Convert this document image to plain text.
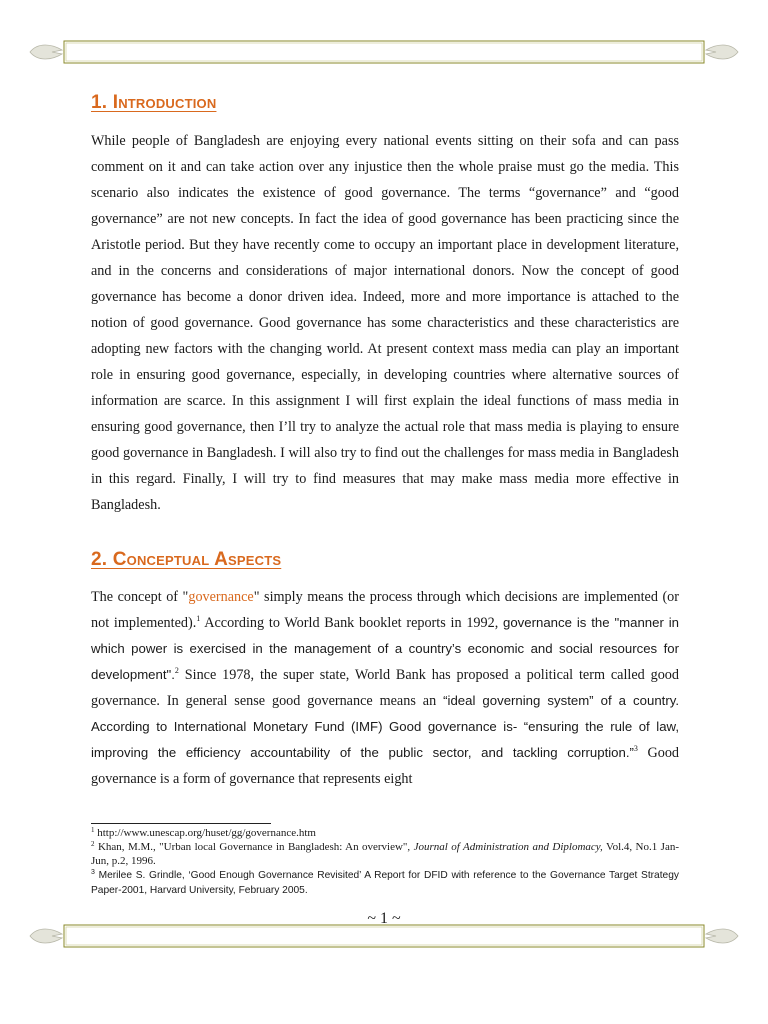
1. Introduction

While people of Bangladesh are enjoying every national events sitting on their sofa and can pass comment on it and can take action over any injustice then the whole praise must go the media. This scenario also indicates the existence of good governance. The terms “governance” and “good governance” are not new concepts. In fact the idea of good governance has been practicing since the Aristotle period. But they have recently come to occupy an important place in development literature, and in the concerns and considerations of major international donors. Now the concept of good governance has become a donor driven idea. Indeed, more and more importance is attached to the notion of good governance. Good governance has some characteristics and these characteristics are adopting new factors with the changing world. At present context mass media can play an important role in ensuring good governance, especially, in developing countries where alternative sources of information are scarce. In this assignment I will first explain the ideal functions of mass media in ensuring good governance, then I’ll try to analyze the actual role that mass media is playing to ensure good governance in Bangladesh. I will also try to find out the challenges for mass media in Bangladesh in this regard. Finally, I will try to find measures that may make mass media more effective in Bangladesh.

2. Conceptual Aspects

The concept of "governance" simply means the process through which decisions are implemented (or not implemented).$^1$ According to World Bank booklet reports in 1992, governance is the "manner in which power is exercised in the management of a country’s economic and social resources for development".$^2$ Since 1978, the super state, World Bank has proposed a political term called good governance. In general sense good governance means an “ideal governing system” of a country. According to International Monetary Fund (IMF) Good governance is- “ensuring the rule of law, improving the efficiency accountability of the public sector, and tackling corruption.”$^3$ Good governance is a form of governance that represents eight

$^1$ http://www.unescap.org/huset/gg/governance.htm

$^2$ Khan, M.M., "Urban local Governance in Bangladesh: An overview", Journal of Administration and Diplomacy, Vol.4, No.1 Jan-Jun, p.2, 1996.

$^3$ Merilee S. Grindle, ‘Good Enough Governance Revisited’ A Report for DFID with reference to the Governance Target Strategy Paper-2001, Harvard University, February 2005.

~ 1 ~
